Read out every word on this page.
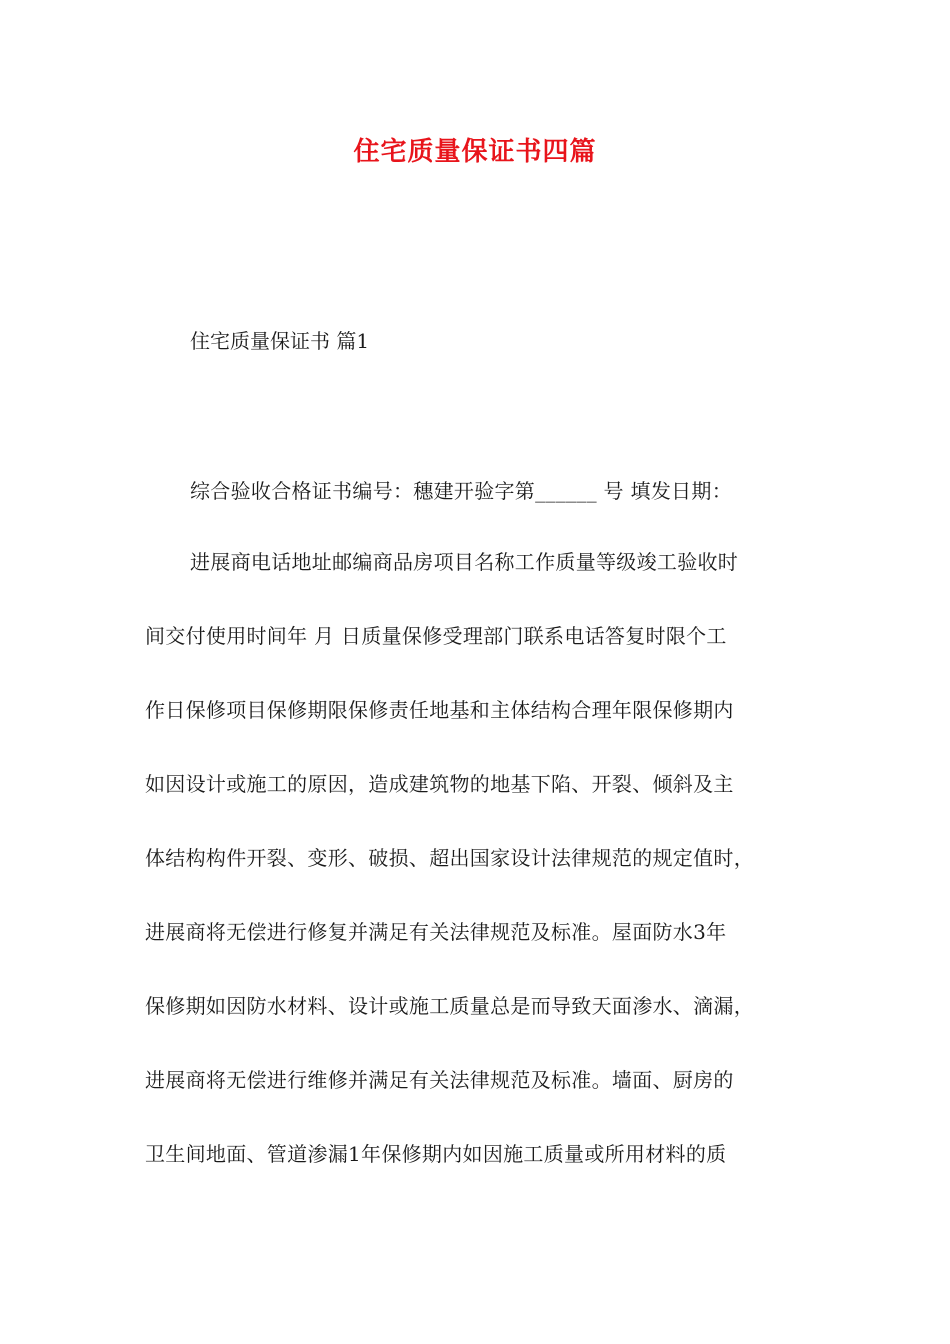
住宅质量保证书四篇
住宅质量保证书 篇1
综合验收合格证书编号：穗建开验字第______ 号 填发日期：
进展商电话地址邮编商品房项目名称工作质量等级竣工验收时
间交付使用时间年 月 日质量保修受理部门联系电话答复时限个工
作日保修项目保修期限保修责任地基和主体结构合理年限保修期内
如因设计或施工的原因，造成建筑物的地基下陷、开裂、倾斜及主
体结构构件开裂、变形、破损、超出国家设计法律规范的规定值时，
进展商将无偿进行修复并满足有关法律规范及标准。屋面防水3年
保修期如因防水材料、设计或施工质量总是而导致天面渗水、滴漏，
进展商将无偿进行维修并满足有关法律规范及标准。墙面、厨房的
卫生间地面、管道渗漏1年保修期内如因施工质量或所用材料的质
